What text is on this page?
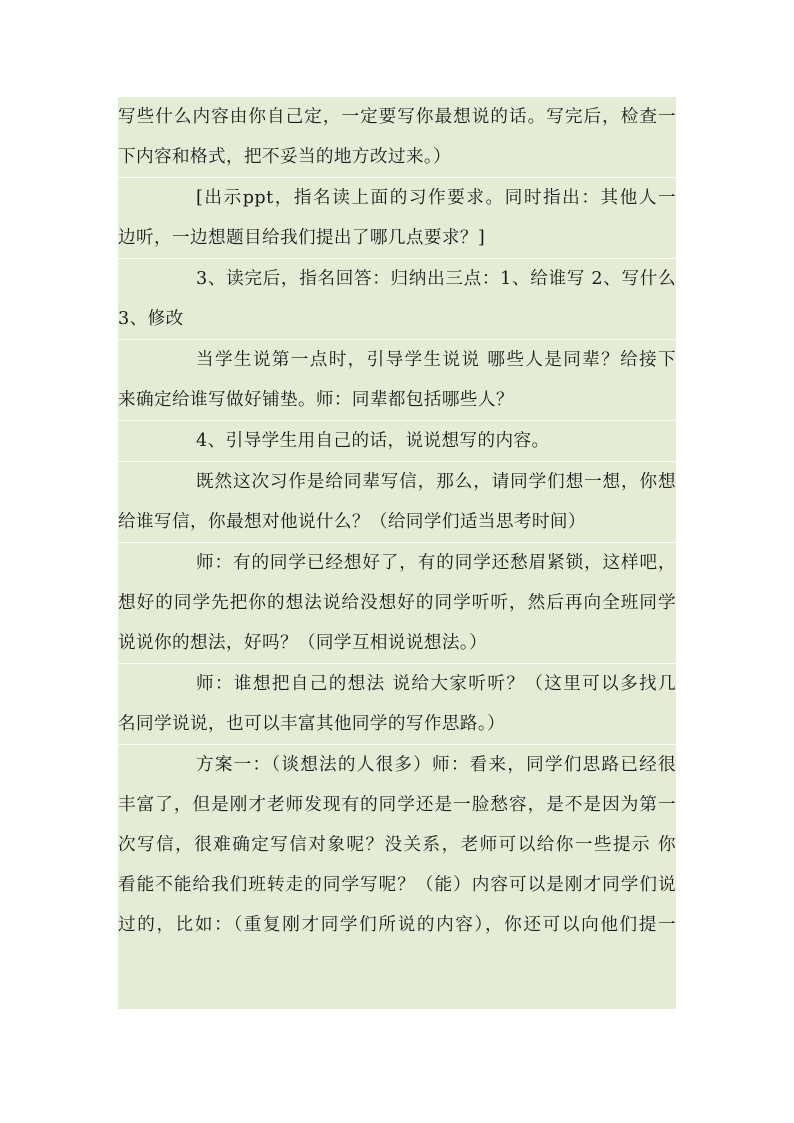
写些什么内容由你自己定，一定要写你最想说的话。写完后，检查一
下内容和格式，把不妥当的地方改过来。）
[出示ppt，指名读上面的习作要求。同时指出：其他人一
边听，一边想题目给我们提出了哪几点要求？]
3、读完后，指名回答：归纳出三点：1、给谁写 2、写什么
3、修改
当学生说第一点时，引导学生说说 哪些人是同辈？给接下
来确定给谁写做好铺垫。师：同辈都包括哪些人？
4、引导学生用自己的话，说说想写的内容。
既然这次习作是给同辈写信，那么，请同学们想一想，你想
给谁写信，你最想对他说什么？（给同学们适当思考时间）
师：有的同学已经想好了，有的同学还愁眉紧锁，这样吧，
想好的同学先把你的想法说给没想好的同学听听，然后再向全班同学
说说你的想法，好吗？（同学互相说说想法。）
师：谁想把自己的想法 说给大家听听？（这里可以多找几
名同学说说，也可以丰富其他同学的写作思路。）
方案一：（谈想法的人很多）师：看来，同学们思路已经很
丰富了，但是刚才老师发现有的同学还是一脸愁容，是不是因为第一
次写信，很难确定写信对象呢？没关系，老师可以给你一些提示 你
看能不能给我们班转走的同学写呢？（能）内容可以是刚才同学们说
过的，比如：（重复刚才同学们所说的内容），你还可以向他们提一
